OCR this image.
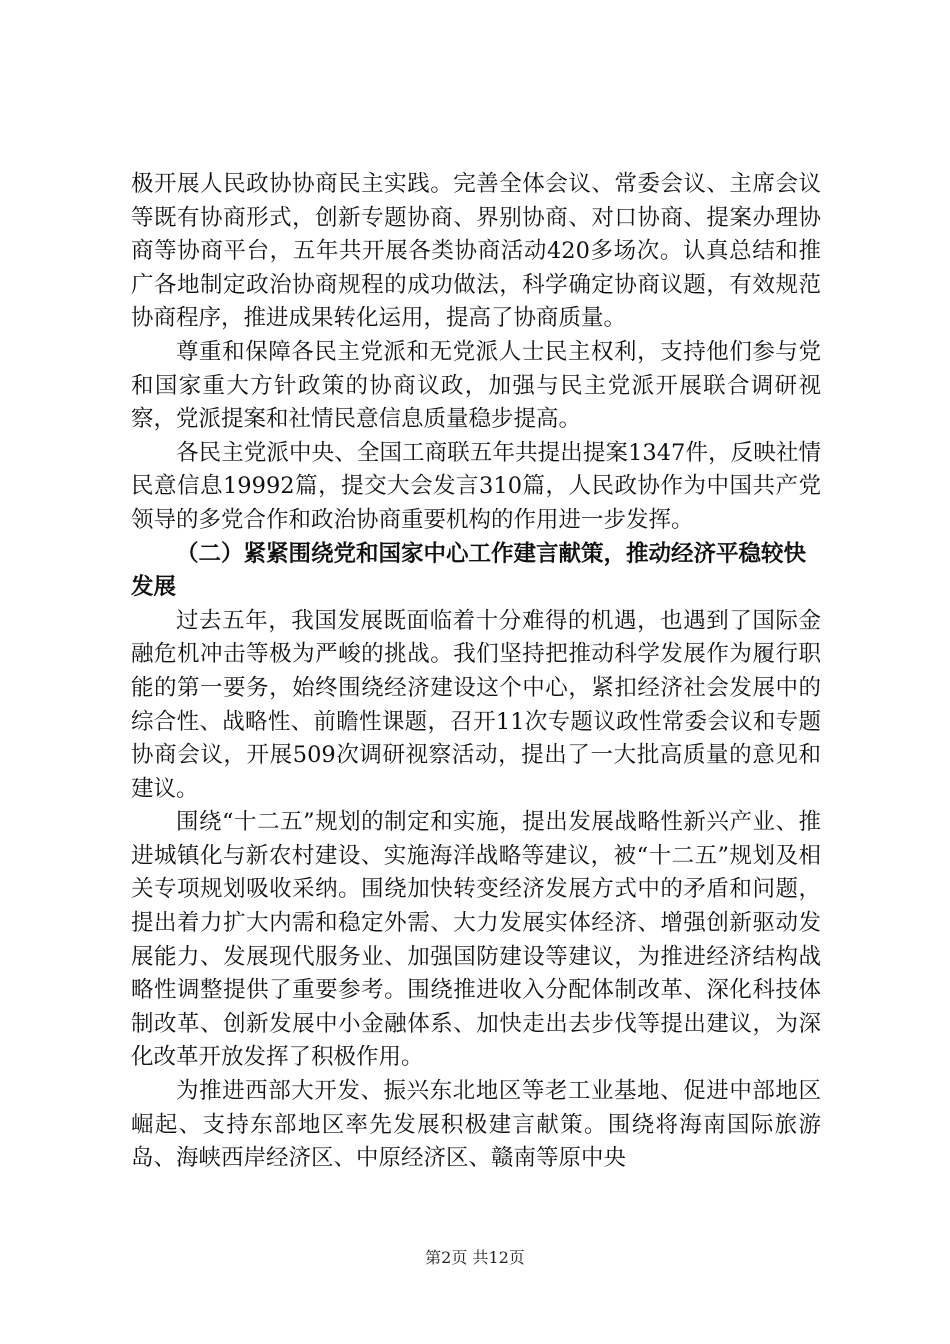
极开展人民政协协商民主实践。完善全体会议、常委会议、主席会议等既有协商形式，创新专题协商、界别协商、对口协商、提案办理协商等协商平台，五年共开展各类协商活动420多场次。认真总结和推广各地制定政治协商规程的成功做法，科学确定协商议题，有效规范协商程序，推进成果转化运用，提高了协商质量。

尊重和保障各民主党派和无党派人士民主权利，支持他们参与党和国家重大方针政策的协商议政，加强与民主党派开展联合调研视察，党派提案和社情民意信息质量稳步提高。

各民主党派中央、全国工商联五年共提出提案1347件，反映社情民意信息19992篇，提交大会发言310篇，人民政协作为中国共产党领导的多党合作和政治协商重要机构的作用进一步发挥。

（二）紧紧围绕党和国家中心工作建言献策，推动经济平稳较快发展

过去五年，我国发展既面临着十分难得的机遇，也遇到了国际金融危机冲击等极为严峻的挑战。我们坚持把推动科学发展作为履行职能的第一要务，始终围绕经济建设这个中心，紧扣经济社会发展中的综合性、战略性、前瞻性课题，召开11次专题议政性常委会议和专题协商会议，开展509次调研视察活动，提出了一大批高质量的意见和建议。

围绕“十二五”规划的制定和实施，提出发展战略性新兴产业、推进城镇化与新农村建设、实施海洋战略等建议，被“十二五”规划及相关专项规划吸收采纳。围绕加快转变经济发展方式中的矛盾和问题，提出着力扩大内需和稳定外需、大力发展实体经济、增强创新驱动发展能力、发展现代服务业、加强国防建设等建议，为推进经济结构战略性调整提供了重要参考。围绕推进收入分配体制改革、深化科技体制改革、创新发展中小金融体系、加快走出去步伐等提出建议，为深化改革开放发挥了积极作用。

为推进西部大开发、振兴东北地区等老工业基地、促进中部地区崛起、支持东部地区率先发展积极建言献策。围绕将海南国际旅游岛、海峡西岸经济区、中原经济区、赣南等原中央

第2页 共12页
